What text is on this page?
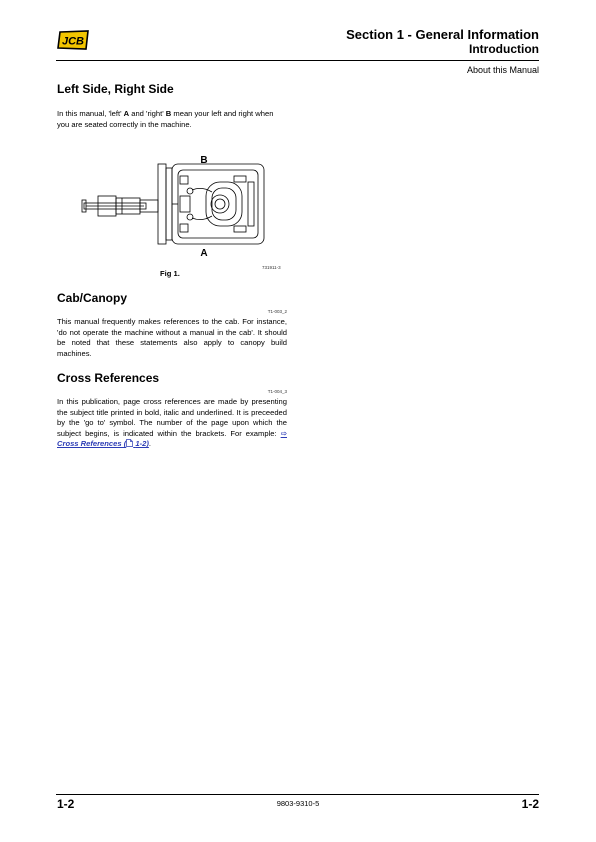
JCB	Section 1 - General Information
Introduction
About this Manual
Left Side, Right Side
In this manual, 'left' A and 'right' B mean your left and right when you are seated correctly in the machine.
B
A
731911-3
Fig 1.
Cab/Canopy
T1-003_2
This manual frequently makes references to the cab. For instance, 'do not operate the machine without a manual in the cab'. It should be noted that these statements also apply to canopy build machines.
Cross References
T1-004_3
In this publication, page cross references are made by presenting the subject title printed in bold, italic and underlined. It is preceeded by the 'go to' symbol. The number of the page upon which the subject begins, is indicated within the brackets. For example: ⇨ Cross References ( 1-2).
1-2	9803-9310-5	1-2
